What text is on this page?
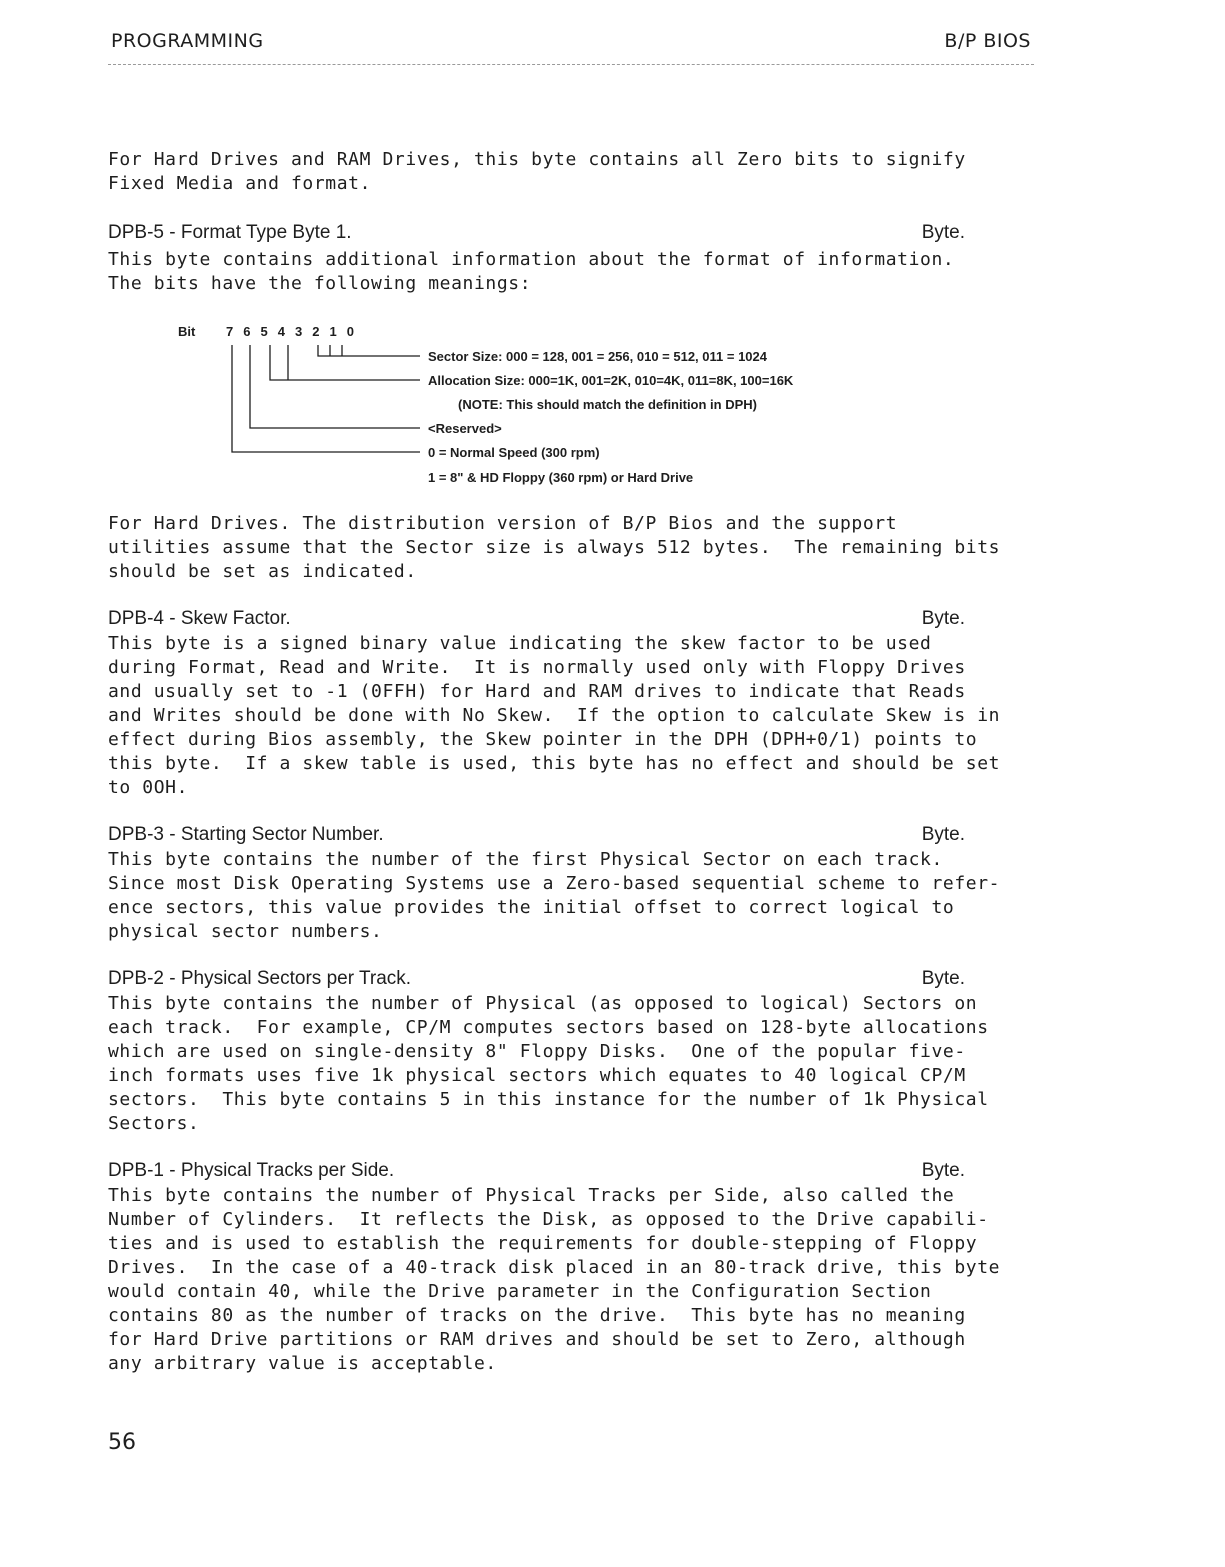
PROGRAMMING	B/P BIOS

For Hard Drives and RAM Drives, this byte contains all Zero bits to signify
Fixed Media and format.

DPB-5 - Format Type Byte 1.	Byte.

This byte contains additional information about the format of information.
The bits have the following meanings:

Bit 7 6 5 4 3 2 1 0
Sector Size: 000 = 128, 001 = 256, 010 = 512, 011 = 1024
Allocation Size: 000=1K, 001=2K, 010=4K, 011=8K, 100=16K
(NOTE: This should match the definition in DPH)
<Reserved>
0 = Normal Speed (300 rpm)
1 = 8" & HD Floppy (360 rpm) or Hard Drive

For Hard Drives. The distribution version of B/P Bios and the support
utilities assume that the Sector size is always 512 bytes.  The remaining bits
should be set as indicated.

DPB-4 - Skew Factor.	Byte.

This byte is a signed binary value indicating the skew factor to be used
during Format, Read and Write.  It is normally used only with Floppy Drives
and usually set to -1 (0FFH) for Hard and RAM drives to indicate that Reads
and Writes should be done with No Skew.  If the option to calculate Skew is in
effect during Bios assembly, the Skew pointer in the DPH (DPH+0/1) points to
this byte.  If a skew table is used, this byte has no effect and should be set
to 0OH.

DPB-3 - Starting Sector Number.	Byte.

This byte contains the number of the first Physical Sector on each track.
Since most Disk Operating Systems use a Zero-based sequential scheme to refer-
ence sectors, this value provides the initial offset to correct logical to
physical sector numbers.

DPB-2 - Physical Sectors per Track.	Byte.

This byte contains the number of Physical (as opposed to logical) Sectors on
each track.  For example, CP/M computes sectors based on 128-byte allocations
which are used on single-density 8" Floppy Disks.  One of the popular five-
inch formats uses five 1k physical sectors which equates to 40 logical CP/M
sectors.  This byte contains 5 in this instance for the number of 1k Physical
Sectors.

DPB-1 - Physical Tracks per Side.	Byte.

This byte contains the number of Physical Tracks per Side, also called the
Number of Cylinders.  It reflects the Disk, as opposed to the Drive capabili-
ties and is used to establish the requirements for double-stepping of Floppy
Drives.  In the case of a 40-track disk placed in an 80-track drive, this byte
would contain 40, while the Drive parameter in the Configuration Section
contains 80 as the number of tracks on the drive.  This byte has no meaning
for Hard Drive partitions or RAM drives and should be set to Zero, although
any arbitrary value is acceptable.

56
